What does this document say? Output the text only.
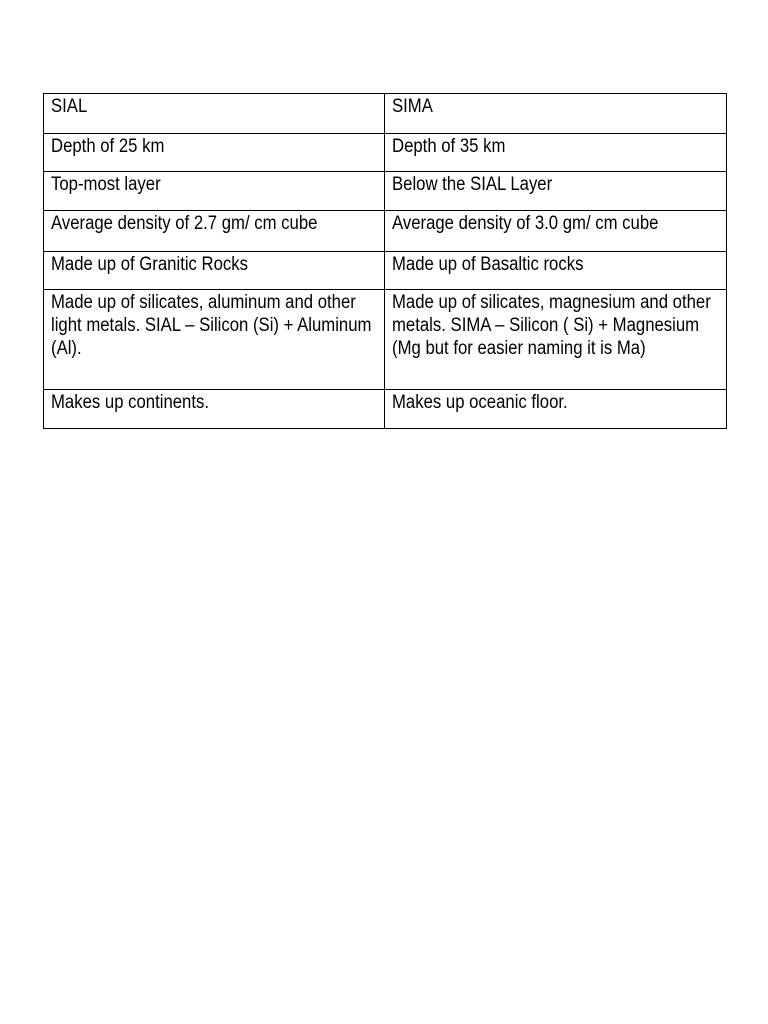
SIAL	SIMA
Depth of 25 km	Depth of 35 km
Top-most layer	Below the SIAL Layer
Average density of 2.7 gm/ cm cube	Average density of 3.0 gm/ cm cube
Made up of Granitic Rocks	Made up of Basaltic rocks
Made up of silicates, aluminum and other light metals. SIAL – Silicon (Si) + Aluminum (Al).	Made up of silicates, magnesium and other metals. SIMA – Silicon ( Si) + Magnesium (Mg but for easier naming it is Ma)
Makes up continents.	Makes up oceanic floor.
